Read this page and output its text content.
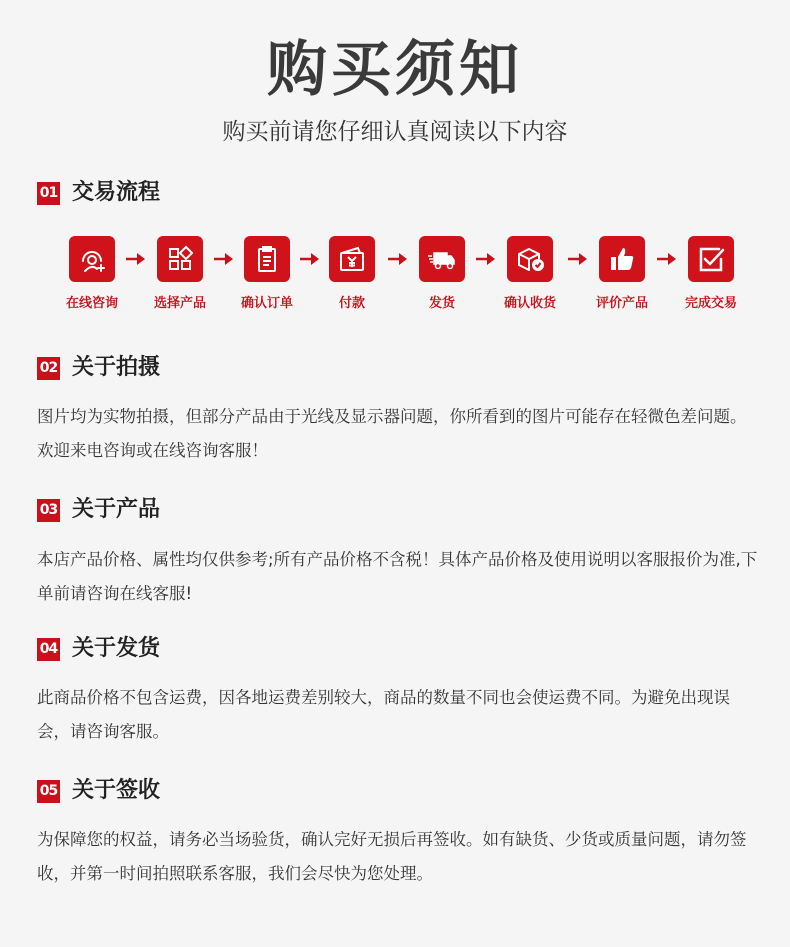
购买须知
购买前请您仔细认真阅读以下内容
01 交易流程
在线咨询	选择产品	确认订单	付款	发货	确认收货	评价产品	完成交易
02 关于拍摄
图片均为实物拍摄，但部分产品由于光线及显示器问题，你所看到的图片可能存在轻微色差问题。欢迎来电咨询或在线咨询客服！
03 关于产品
本店产品价格、属性均仅供参考;所有产品价格不含税！具体产品价格及使用说明以客服报价为准,下单前请咨询在线客服!
04 关于发货
此商品价格不包含运费，因各地运费差别较大，商品的数量不同也会使运费不同。为避免出现误会，请咨询客服。
05 关于签收
为保障您的权益，请务必当场验货，确认完好无损后再签收。如有缺货、少货或质量问题，请勿签收，并第一时间拍照联系客服，我们会尽快为您处理。
